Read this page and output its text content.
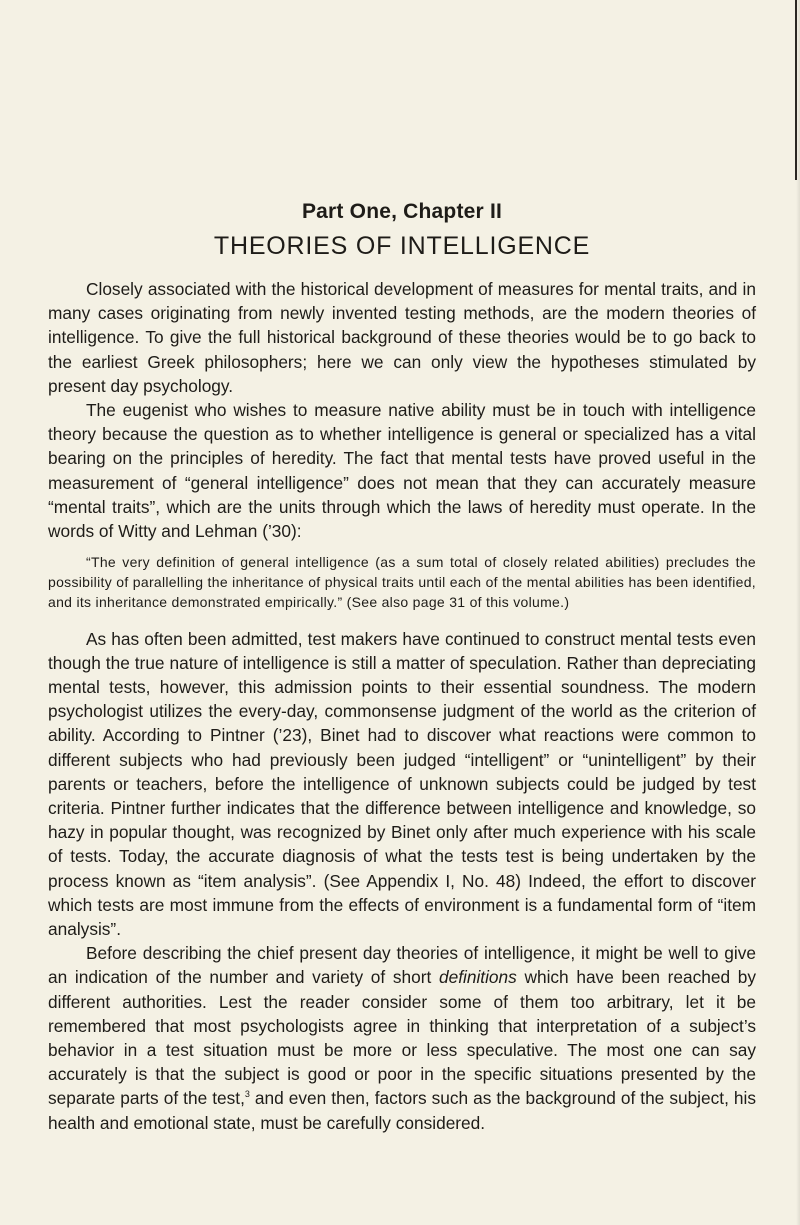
Part One, Chapter II
THEORIES OF INTELLIGENCE

Closely associated with the historical development of measures for mental traits, and in many cases originating from newly invented testing methods, are the modern theories of intelligence. To give the full historical background of these theories would be to go back to the earliest Greek philosophers; here we can only view the hypotheses stimulated by present day psychology.

The eugenist who wishes to measure native ability must be in touch with intelligence theory because the question as to whether intelligence is general or specialized has a vital bearing on the principles of heredity. The fact that mental tests have proved useful in the measurement of “general intelligence” does not mean that they can accurately measure “mental traits”, which are the units through which the laws of heredity must operate. In the words of Witty and Lehman (’30):

“The very definition of general intelligence (as a sum total of closely related abilities) precludes the possibility of parallelling the inheritance of physical traits until each of the mental abilities has been identified, and its inheritance demonstrated empirically.” (See also page 31 of this volume.)

As has often been admitted, test makers have continued to construct mental tests even though the true nature of intelligence is still a matter of speculation. Rather than depreciating mental tests, however, this admission points to their essential soundness. The modern psychologist utilizes the every-day, commonsense judgment of the world as the criterion of ability. According to Pintner (’23), Binet had to discover what reactions were common to different subjects who had previously been judged “intelligent” or “unintelligent” by their parents or teachers, before the intelligence of unknown subjects could be judged by test criteria. Pintner further indicates that the difference between intelligence and knowledge, so hazy in popular thought, was recognized by Binet only after much experience with his scale of tests. Today, the accurate diagnosis of what the tests test is being undertaken by the process known as “item analysis”. (See Appendix I, No. 48) Indeed, the effort to discover which tests are most immune from the effects of environment is a fundamental form of “item analysis”.

Before describing the chief present day theories of intelligence, it might be well to give an indication of the number and variety of short definitions which have been reached by different authorities. Lest the reader consider some of them too arbitrary, let it be remembered that most psychologists agree in thinking that interpretation of a subject’s behavior in a test situation must be more or less speculative. The most one can say accurately is that the subject is good or poor in the specific situations presented by the separate parts of the test,$^3$ and even then, factors such as the background of the subject, his health and emotional state, must be carefully considered.
